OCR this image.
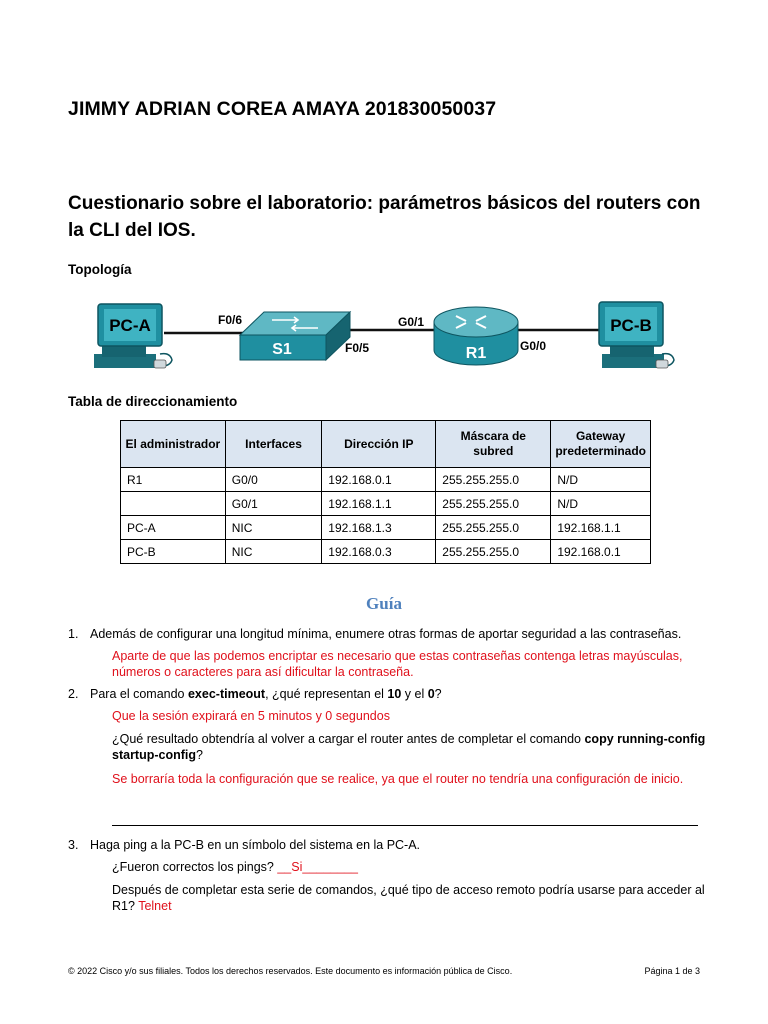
JIMMY ADRIAN COREA AMAYA 201830050037
Cuestionario sobre el laboratorio: parámetros básicos del routers con la CLI del IOS.
Topología
PC-A
S1	R1
PC-B
F0/6
F0/5
G0/1
G0/0
Tabla de direccionamiento
El administrador	Interfaces	Dirección IP	Máscara de subred	Gateway predeterminado
R1	G0/0	192.168.0.1	255.255.255.0	N/D
	G0/1	192.168.1.1	255.255.255.0	N/D
PC-A	NIC	192.168.1.3	255.255.255.0	192.168.1.1
PC-B	NIC	192.168.0.3	255.255.255.0	192.168.0.1
Guía
1. Además de configurar una longitud mínima, enumere otras formas de aportar seguridad a las contraseñas.
Aparte de que las podemos encriptar es necesario que estas contraseñas contenga letras mayúsculas, números o caracteres para así dificultar la contraseña.
2. Para el comando exec-timeout, ¿qué representan el 10 y el 0?
Que la sesión expirará en 5 minutos y 0 segundos
¿Qué resultado obtendría al volver a cargar el router antes de completar el comando copy running-config startup-config?
Se borraría toda la configuración que se realice, ya que el router no tendría una configuración de inicio.
3. Haga ping a la PC-B en un símbolo del sistema en la PC-A.
¿Fueron correctos los pings? __Si________
Después de completar esta serie de comandos, ¿qué tipo de acceso remoto podría usarse para acceder al R1? Telnet
© 2022 Cisco y/o sus filiales. Todos los derechos reservados. Este documento es información pública de Cisco.	Página 1 de 3
